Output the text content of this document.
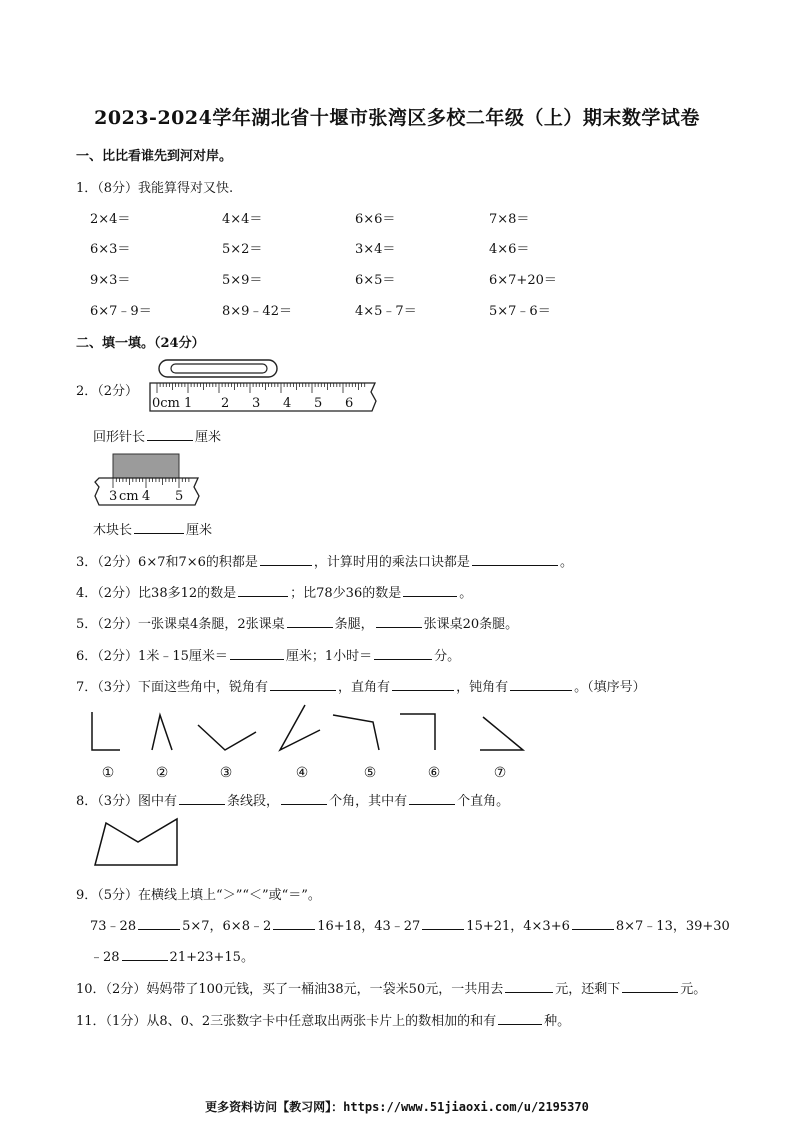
2023-2024学年湖北省十堰市张湾区多校二年级（上）期末数学试卷
一、比比看谁先到河对岸。
1．（8分）我能算得对又快.
2×4＝	4×4＝	6×6＝	7×8＝
6×3＝	5×2＝	3×4＝	4×6＝
9×3＝	5×9＝	6×5＝	6×7+20＝
6×7﹣9＝	8×9﹣42＝	4×5﹣7＝	5×7﹣6＝
二、填一填。（24分）
2．（2分）
0cm 1 2 3 4 5 6
回形针长	厘米
3 cm 4 5
木块长	厘米
3．（2分）6×7和7×6的积都是	，计算时用的乘法口诀都是	。
4．（2分）比38多12的数是	；比78少36的数是	。
5．（2分）一张课桌4条腿，2张课桌	条腿，	张课桌20条腿。
6．（2分）1米﹣15厘米＝	厘米；1小时＝	分。
7．（3分）下面这些角中，锐角有	，直角有	，钝角有	。（填序号）
①	②	③	④	⑤	⑥	⑦
8．（3分）图中有	条线段，	个角，其中有	个直角。
9．（5分）在横线上填上“＞”“＜”或“＝”。
73﹣28	5×7，6×8﹣2	16+18，43﹣27	15+21，4×3+6	8×7﹣13，39+30
﹣28	21+23+15。
10．（2分）妈妈带了100元钱，买了一桶油38元，一袋米50元，一共用去	元，还剩下	元。
11．（1分）从8、0、2三张数字卡中任意取出两张卡片上的数相加的和有	种。
更多资料访问【教习网】：https://www.51jiaoxi.com/u/2195370
